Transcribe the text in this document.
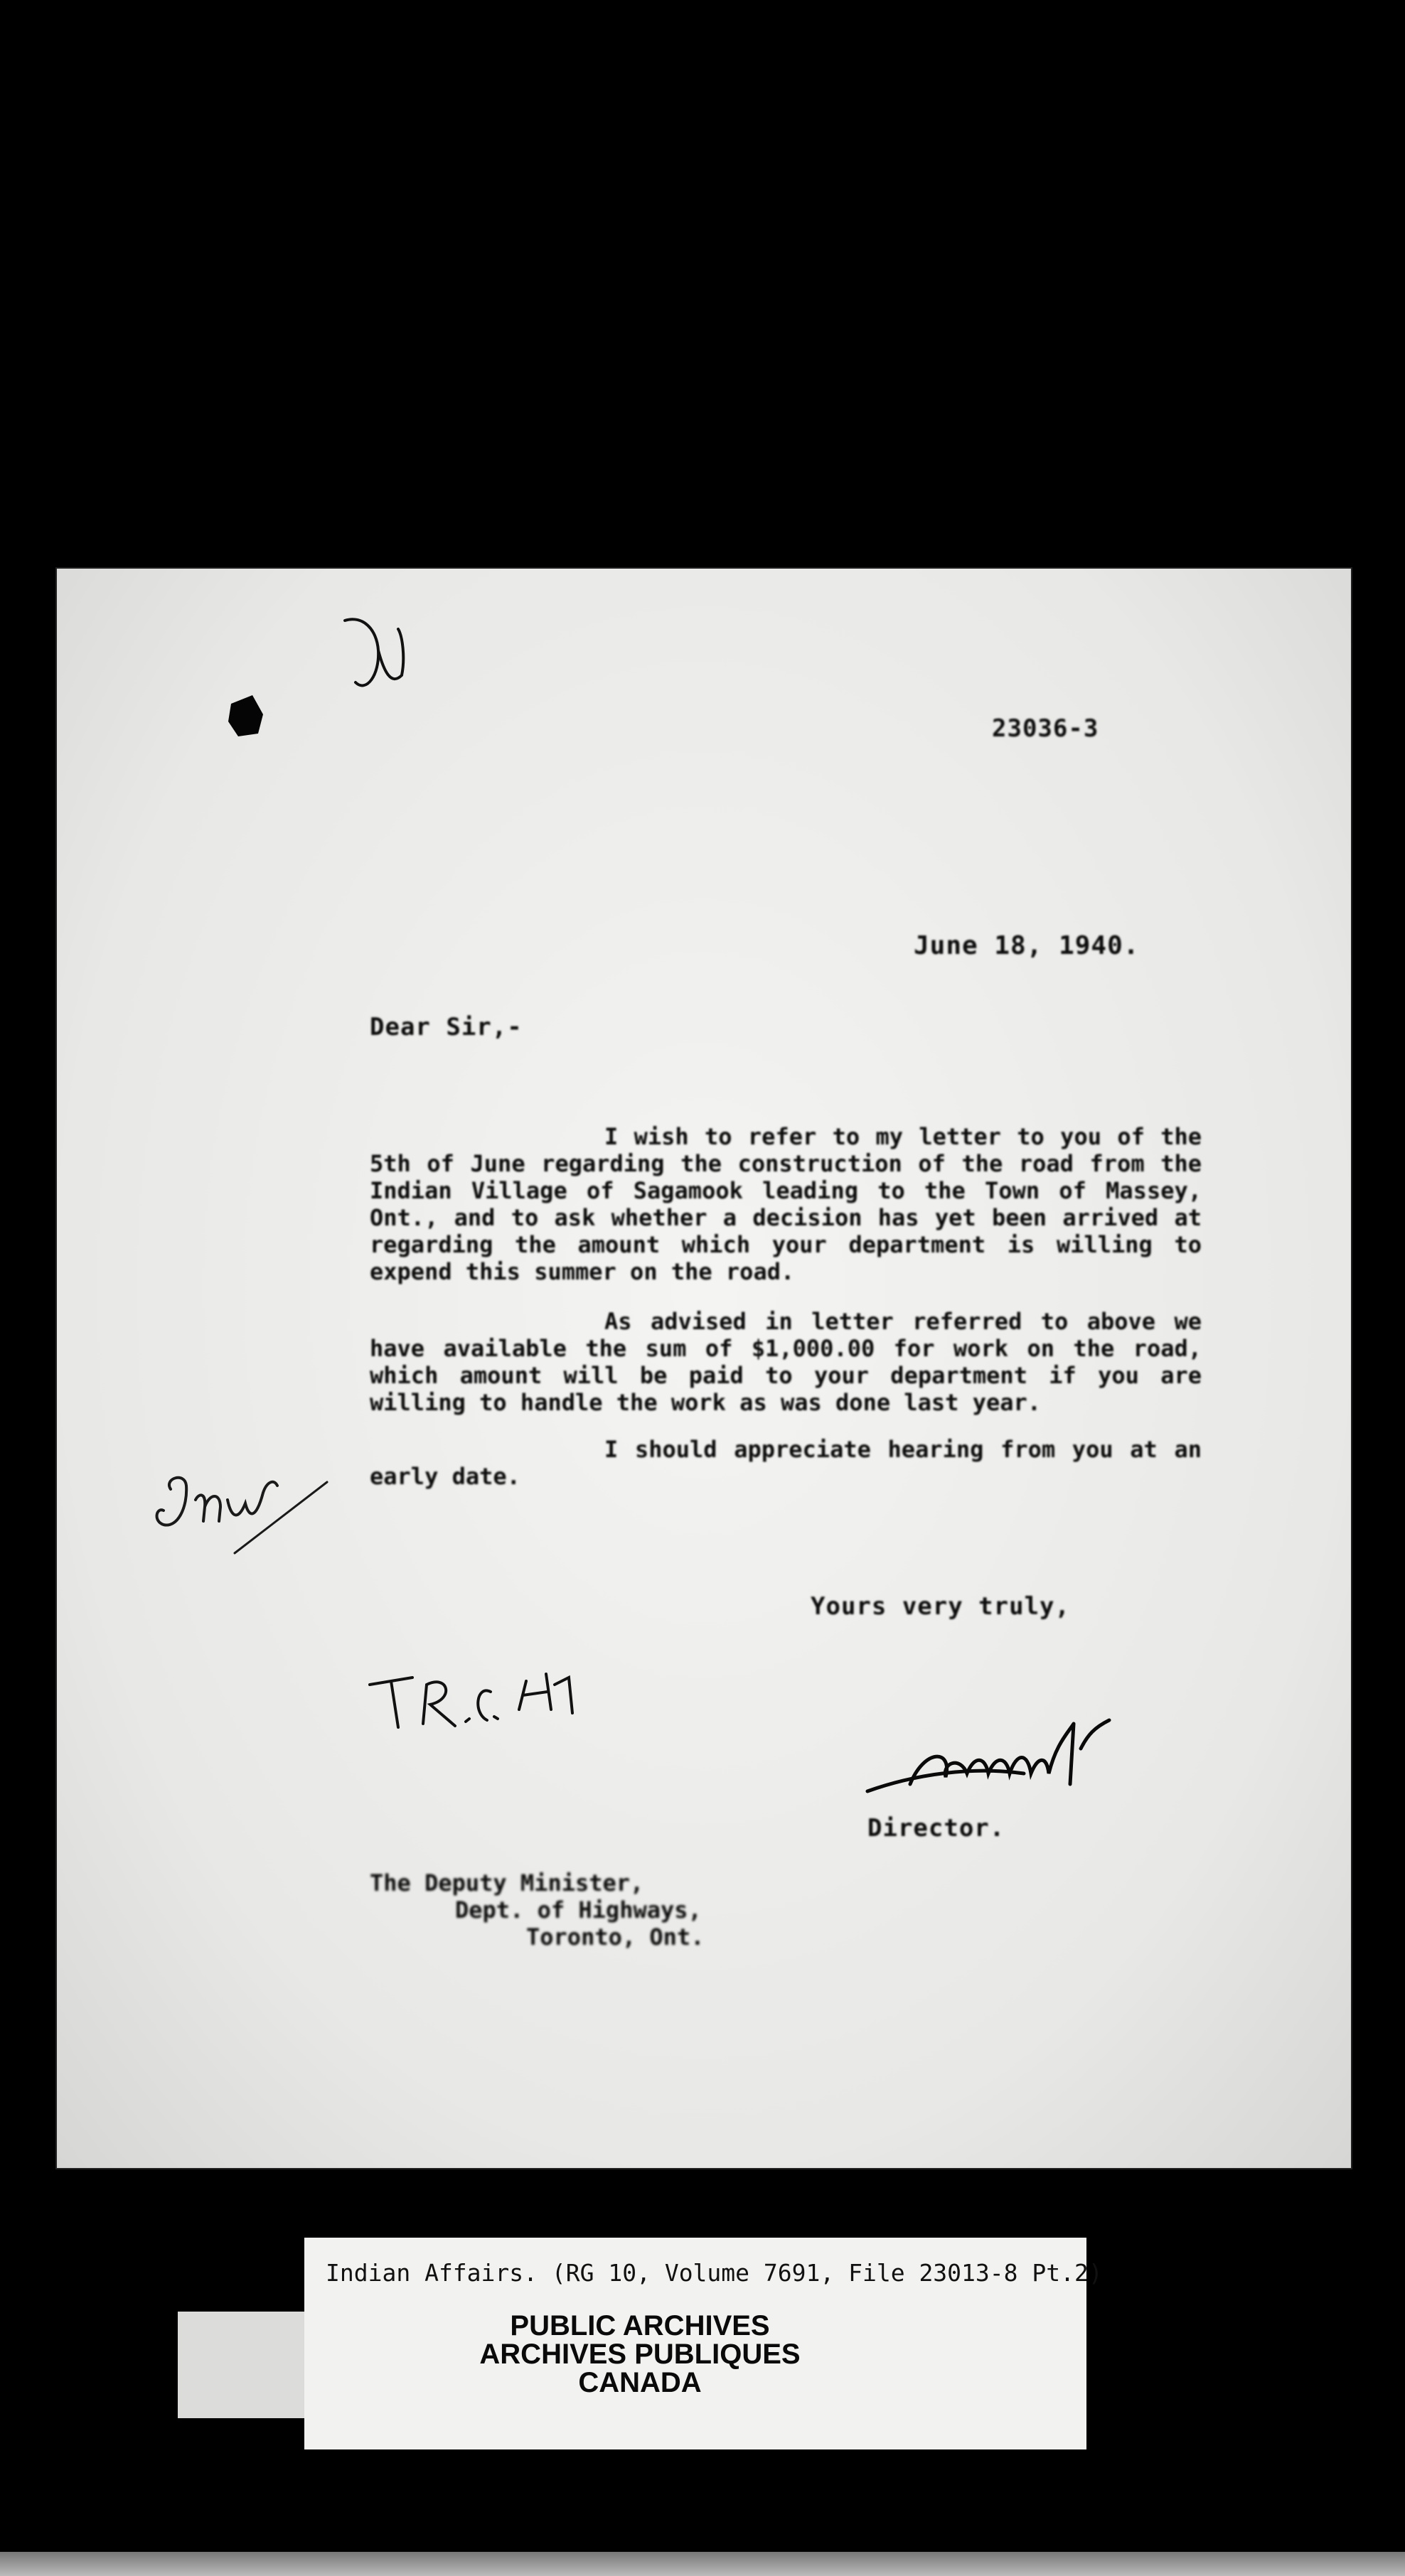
23036-3
June 18, 1940.
Dear Sir,-
I wish to refer to my letter to you of the 5th of June regarding the construction of the road from the Indian Village of Sagamook leading to the Town of Massey, Ont., and to ask whether a decision has yet been arrived at regarding the amount which your department is willing to expend this summer on the road.
As advised in letter referred to above we have available the sum of $1,000.00 for work on the road, which amount will be paid to your department if you are willing to handle the work as was done last year.
I should appreciate hearing from you at an early date.
Yours very truly,
Director.
The Deputy Minister,
Dept. of Highways,
Toronto, Ont.
Indian Affairs. (RG 10, Volume 7691, File 23013-8 Pt.2)
PUBLIC ARCHIVES
ARCHIVES PUBLIQUES
CANADA
